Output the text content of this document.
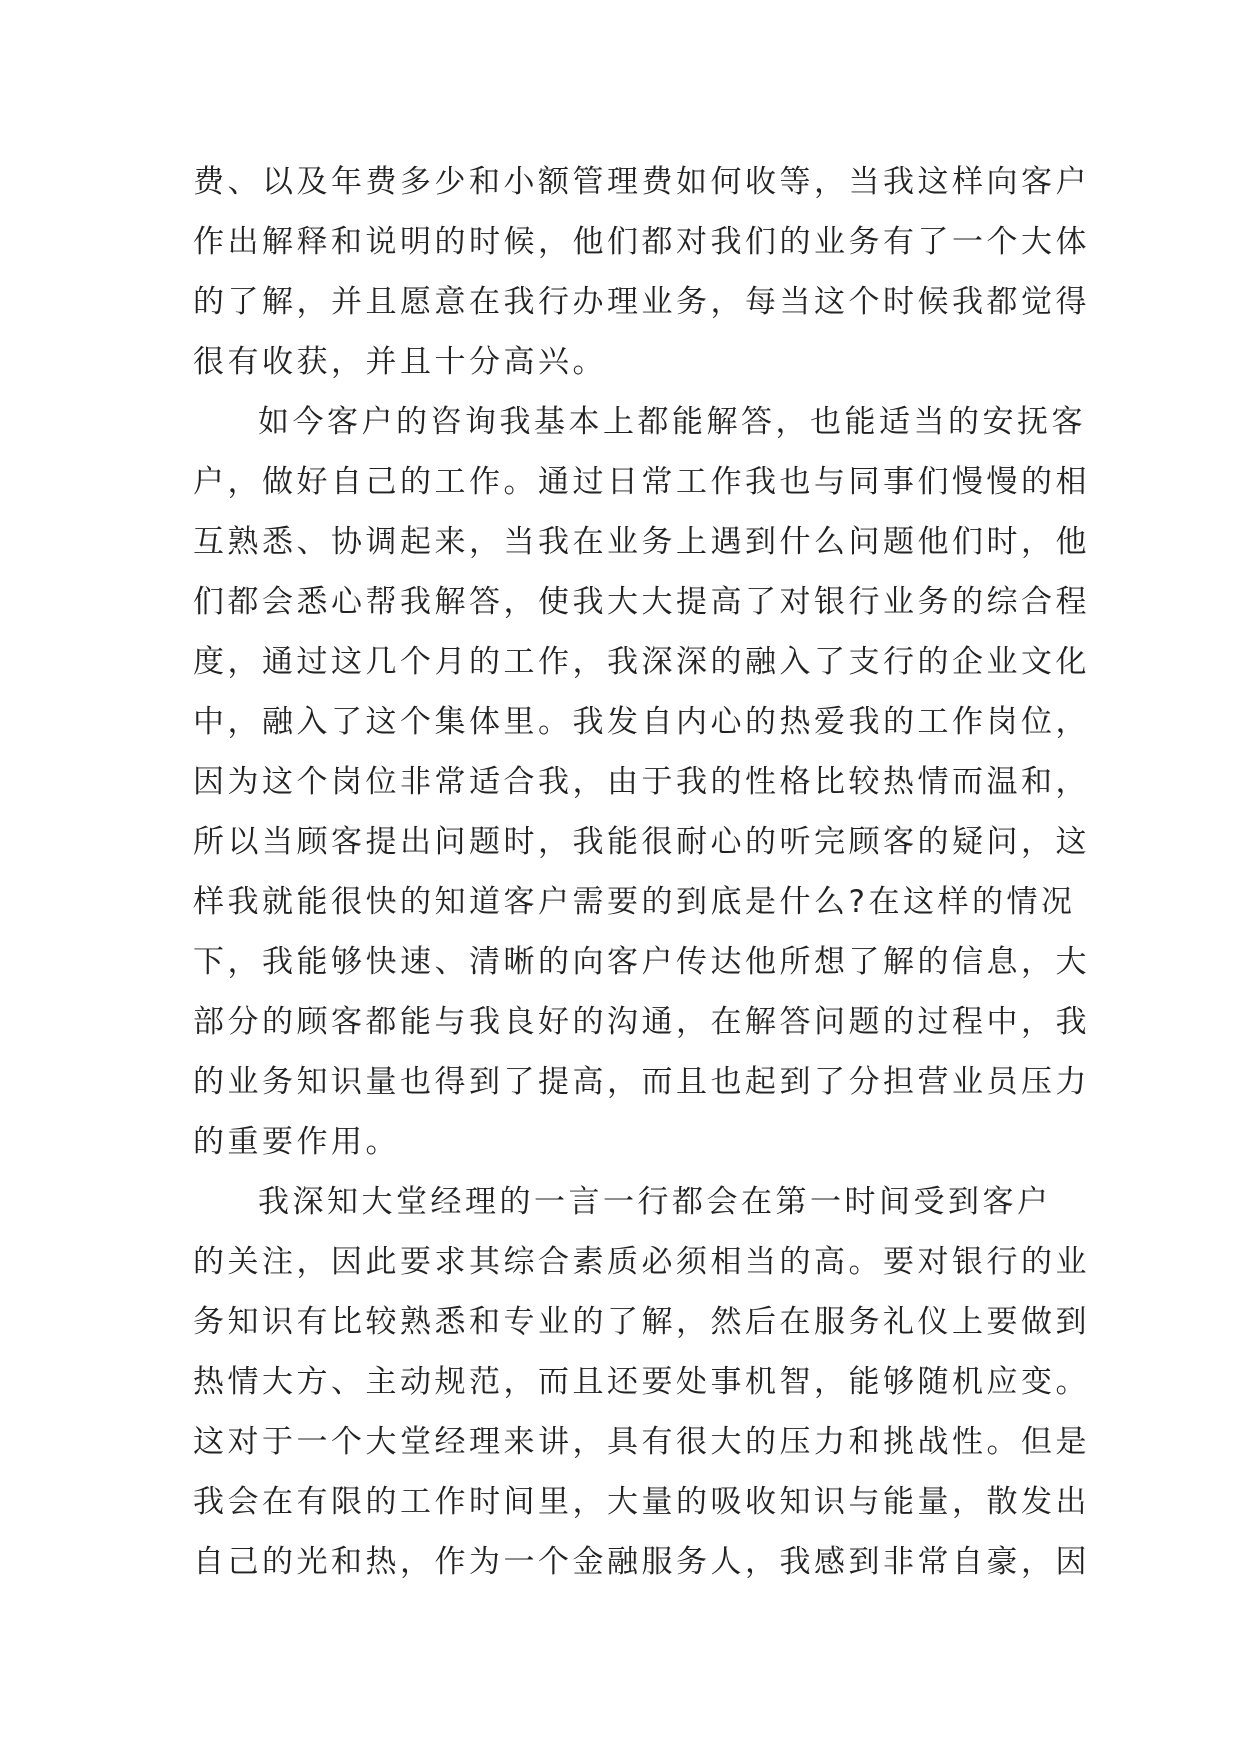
费、以及年费多少和小额管理费如何收等，当我这样向客户
作出解释和说明的时候，他们都对我们的业务有了一个大体
的了解，并且愿意在我行办理业务，每当这个时候我都觉得
很有收获，并且十分高兴。
如今客户的咨询我基本上都能解答，也能适当的安抚客
户，做好自己的工作。通过日常工作我也与同事们慢慢的相
互熟悉、协调起来，当我在业务上遇到什么问题他们时，他
们都会悉心帮我解答，使我大大提高了对银行业务的综合程
度，通过这几个月的工作，我深深的融入了支行的企业文化
中，融入了这个集体里。我发自内心的热爱我的工作岗位，
因为这个岗位非常适合我，由于我的性格比较热情而温和，
所以当顾客提出问题时，我能很耐心的听完顾客的疑问，这
样我就能很快的知道客户需要的到底是什么?在这样的情况
下，我能够快速、清晰的向客户传达他所想了解的信息，大
部分的顾客都能与我良好的沟通，在解答问题的过程中，我
的业务知识量也得到了提高，而且也起到了分担营业员压力
的重要作用。
我深知大堂经理的一言一行都会在第一时间受到客户
的关注，因此要求其综合素质必须相当的高。要对银行的业
务知识有比较熟悉和专业的了解，然后在服务礼仪上要做到
热情大方、主动规范，而且还要处事机智，能够随机应变。
这对于一个大堂经理来讲，具有很大的压力和挑战性。但是
我会在有限的工作时间里，大量的吸收知识与能量，散发出
自己的光和热，作为一个金融服务人，我感到非常自豪，因
